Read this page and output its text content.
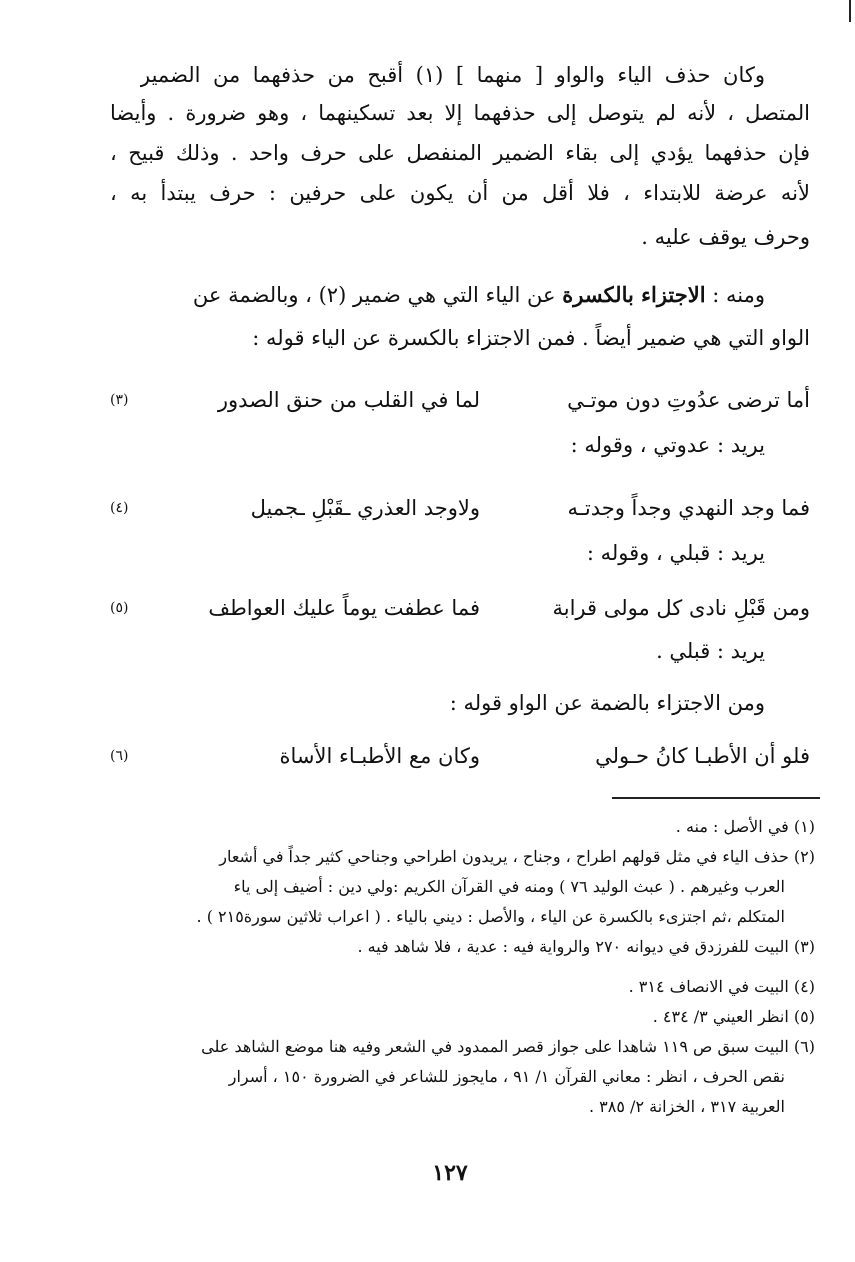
وكان حذف الياء والواو [ منهما ] (١) أقبح من حذفهما من الضمير
المتصل ، لأنه لم يتوصل إلى حذفهما إلا بعد تسكينهما ، وهو ضرورة . وأيضا
فإن حذفهما يؤدي إلى بقاء الضمير المنفصل على حرف واحد . وذلك قبيح ،
لأنه عرضة للابتداء ، فلا أقل من أن يكون على حرفين : حرف يبتدأ به ،
وحرف يوقف عليه .
ومنه : الاجتزاء بالكسرة عن الياء التي هي ضمير (٢) ، وبالضمة عن
الواو التي هي ضمير أيضاً . فمن الاجتزاء بالكسرة عن الياء قوله :
أما ترضى عدُوتِ دون موتـي
لما في القلب من حنق الصدور
(٣)
يريد : عدوتي ، وقوله :
فما وجد النهدي وجداً وجدتـه
ولاوجد العذري ـقَبْلِ ـجميل
(٤)
يريد : قبلي ، وقوله :
ومن قَبْلِ نادى كل مولى قرابة
فما عطفت يوماً عليك العواطف
(٥)
يريد : قبلي .
ومن الاجتزاء بالضمة عن الواو قوله :
فلو أن الأطبـا كانُ حـولي
وكان مع الأطبـاء الأساة
(٦)
(١) في الأصل : منه .
(٢) حذف الياء في مثل قولهم اطراح ، وجناح ، يريدون اطراحي وجناحي كثير جداً في أشعار
العرب وغيرهم . ( عبث الوليد ٧٦ ) ومنه في القرآن الكريم :ولي دين : أضيف إلى ياء
المتكلم ،ثم اجتزىء بالكسرة عن الياء ، والأصل : ديني بالياء . ( اعراب ثلاثين سورة٢١٥ ) .
(٣) البيت للفرزدق في ديوانه ٢٧٠ والرواية فيه : عدية ، فلا شاهد فيه .
(٤) البيت في الانصاف ٣١٤ .
(٥) انظر العيني ٣/ ٤٣٤ .
(٦) البيت سبق ص ١١٩ شاهدا على جواز قصر الممدود في الشعر وفيه هنا موضع الشاهد على
نقص الحرف ، انظر : معاني القرآن ١/ ٩١ ، مايجوز للشاعر في الضرورة ١٥٠ ، أسرار
العربية ٣١٧ ، الخزانة ٢/ ٣٨٥ .
١٢٧
